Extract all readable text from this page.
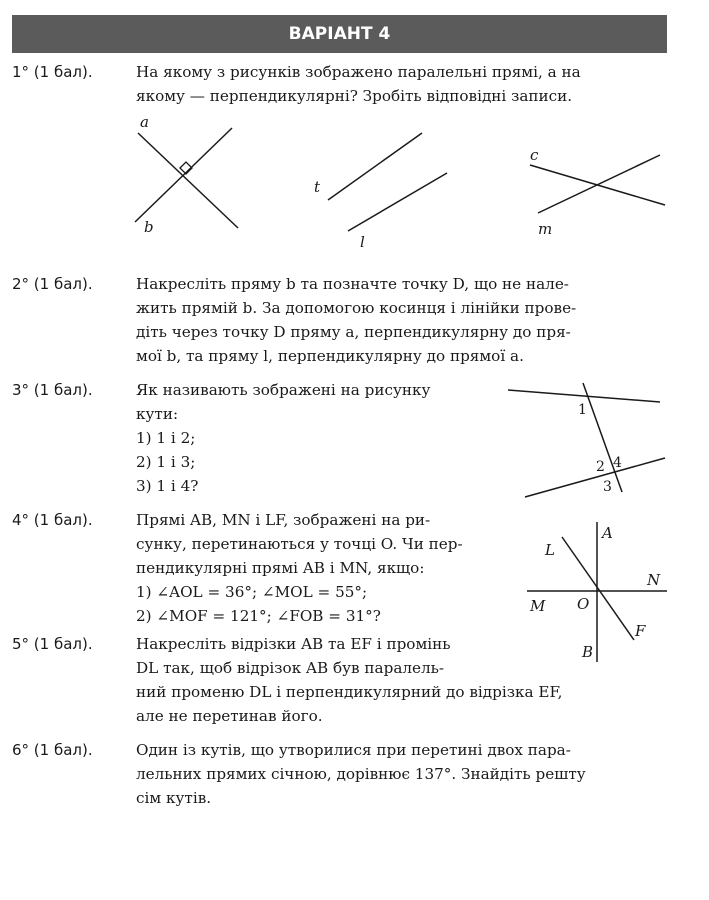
ВАРІАНТ 4
1° (1 бал).	На якому з рисунків зображено паралельні прямі, а на
якому — перпендикулярні? Зробіть відповідні записи.
a
b
t
l
c
m
2° (1 бал).	Накресліть пряму b та позначте точку D, що не нале-
жить прямій b. За допомогою косинця і лінійки прове-
діть через точку D пряму a, перпендикулярну до пря-
мої b, та пряму l, перпендикулярну до прямої a.
3° (1 бал).	Як називають зображені на рисунку
кути:
1) 1 і 2;
2) 1 і 3;
3) 1 і 4?
1
2 4
3
4° (1 бал).	Прямі AB, MN і LF, зображені на ри-
сунку, перетинаються у точці O. Чи пер-
пендикулярні прямі AB і MN, якщо:
1) ∠AOL = 36°; ∠MOL = 55°;
2) ∠MOF = 121°; ∠FOB = 31°?
A
L
N
M O
F
B
5° (1 бал).	Накресліть відрізки AB та EF і промінь
DL так, щоб відрізок AB був паралель-
ний променю DL і перпендикулярний до відрізка EF,
але не перетинав його.
6° (1 бал).	Один із кутів, що утворилися при перетині двох пара-
лельних прямих січною, дорівнює 137°. Знайдіть решту
сім кутів.
